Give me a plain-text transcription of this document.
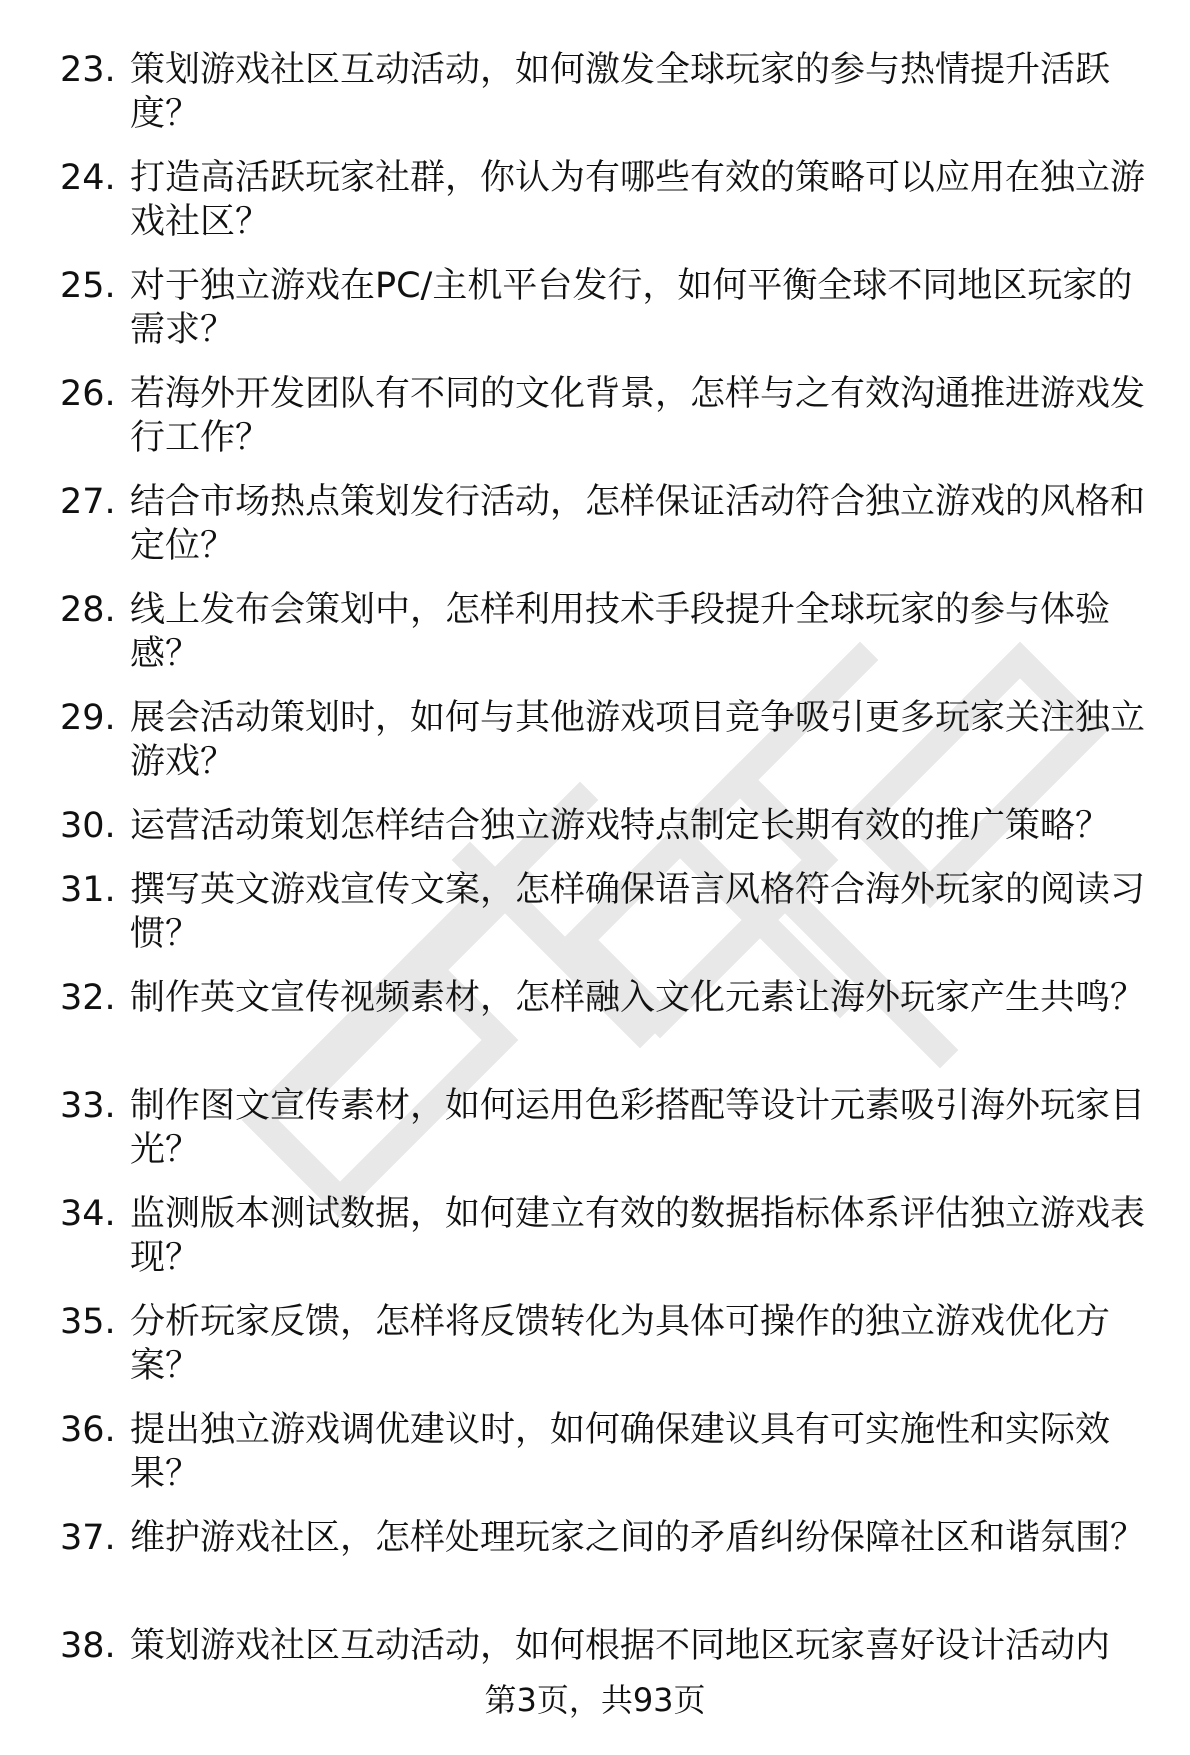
23. 策划游戏社区互动活动，如何激发全球玩家的参与热情提升活跃度？
24. 打造高活跃玩家社群，你认为有哪些有效的策略可以应用在独立游戏社区？
25. 对于独立游戏在PC/主机平台发行，如何平衡全球不同地区玩家的需求？
26. 若海外开发团队有不同的文化背景，怎样与之有效沟通推进游戏发行工作？
27. 结合市场热点策划发行活动，怎样保证活动符合独立游戏的风格和定位？
28. 线上发布会策划中，怎样利用技术手段提升全球玩家的参与体验感？
29. 展会活动策划时，如何与其他游戏项目竞争吸引更多玩家关注独立游戏？
30. 运营活动策划怎样结合独立游戏特点制定长期有效的推广策略？
31. 撰写英文游戏宣传文案，怎样确保语言风格符合海外玩家的阅读习惯？
32. 制作英文宣传视频素材，怎样融入文化元素让海外玩家产生共鸣？
33. 制作图文宣传素材，如何运用色彩搭配等设计元素吸引海外玩家目光？
34. 监测版本测试数据，如何建立有效的数据指标体系评估独立游戏表现？
35. 分析玩家反馈，怎样将反馈转化为具体可操作的独立游戏优化方案？
36. 提出独立游戏调优建议时，如何确保建议具有可实施性和实际效果？
37. 维护游戏社区，怎样处理玩家之间的矛盾纠纷保障社区和谐氛围？
38. 策划游戏社区互动活动，如何根据不同地区玩家喜好设计活动内
第3页，共93页
